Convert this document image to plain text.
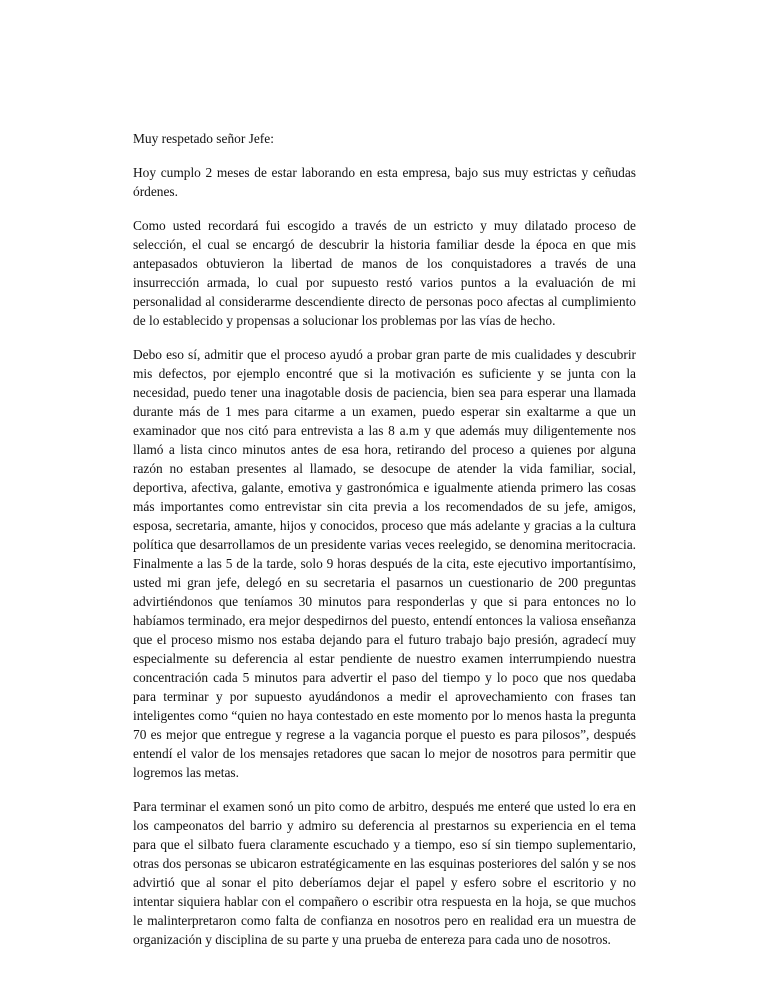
Muy respetado señor Jefe:

Hoy cumplo 2 meses de estar laborando en esta empresa, bajo sus muy estrictas y ceñudas órdenes.

Como usted recordará fui escogido a través de un estricto y muy dilatado proceso de selección, el cual se encargó de descubrir la historia familiar desde la época en que mis antepasados obtuvieron la libertad de manos de los conquistadores a través de una insurrección armada, lo cual por supuesto restó varios puntos a la evaluación de mi personalidad al considerarme descendiente directo de personas poco afectas al cumplimiento de lo establecido y propensas a solucionar los problemas por las vías de hecho.

Debo eso sí, admitir que el proceso ayudó a probar gran parte de mis cualidades y descubrir mis defectos, por ejemplo encontré que si la motivación es suficiente y se junta con la necesidad, puedo tener una inagotable dosis de paciencia, bien sea para esperar una llamada durante más de 1 mes para citarme a un examen, puedo esperar sin exaltarme a que un examinador que nos citó para entrevista a las 8 a.m y que además muy diligentemente nos llamó a lista cinco minutos antes de esa hora, retirando del proceso a quienes por alguna razón no estaban presentes al llamado, se desocupe de atender la vida familiar, social, deportiva, afectiva, galante, emotiva y gastronómica e igualmente atienda primero las cosas más importantes como entrevistar sin cita previa a los recomendados de su jefe, amigos, esposa, secretaria, amante, hijos y conocidos, proceso que más adelante y gracias a la cultura política que desarrollamos de un presidente varias veces reelegido, se denomina meritocracia. Finalmente a las 5 de la tarde, solo 9 horas después de la cita, este ejecutivo importantísimo, usted mi gran jefe, delegó en su secretaria el pasarnos un cuestionario de 200 preguntas advirtiéndonos que teníamos 30 minutos para responderlas y que si para entonces no lo habíamos terminado, era mejor despedirnos del puesto, entendí entonces la valiosa enseñanza que el proceso mismo nos estaba dejando para el futuro trabajo bajo presión, agradecí muy especialmente su deferencia al estar pendiente de nuestro examen interrumpiendo nuestra concentración cada 5 minutos para advertir el paso del tiempo y lo poco que nos quedaba para terminar y por supuesto ayudándonos a medir el aprovechamiento con frases tan inteligentes como “quien no haya contestado en este momento por lo menos hasta la pregunta 70 es mejor que entregue y regrese a la vagancia porque el puesto es para pilosos”, después entendí el valor de los mensajes retadores que sacan lo mejor de nosotros para permitir que logremos las metas.

Para terminar el examen sonó un pito como de arbitro, después me enteré que usted lo era en los campeonatos del barrio y admiro su deferencia al prestarnos su experiencia en el tema para que el silbato fuera claramente escuchado y a tiempo, eso sí sin tiempo suplementario, otras dos personas se ubicaron estratégicamente en las esquinas posteriores del salón y se nos advirtió que al sonar el pito deberíamos dejar el papel y esfero sobre el escritorio y no intentar siquiera hablar con el compañero o escribir otra respuesta en la hoja, se que muchos le malinterpretaron como falta de confianza en nosotros pero en realidad era un muestra de organización y disciplina de su parte y una prueba de entereza para cada uno de nosotros.
